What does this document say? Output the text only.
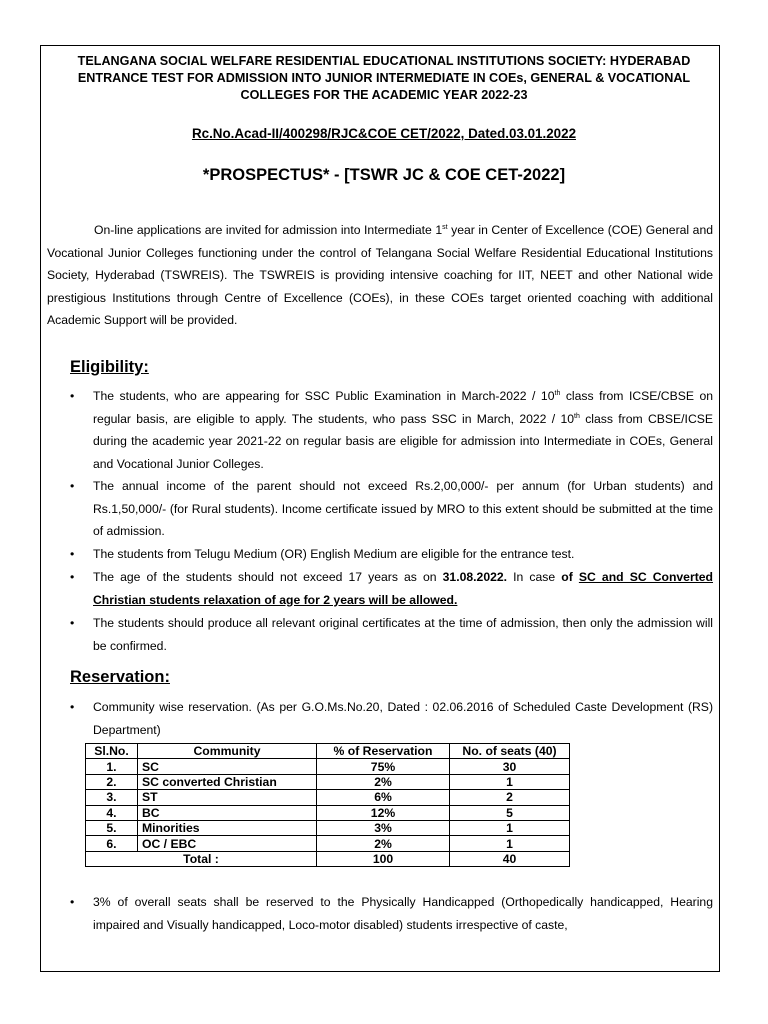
TELANGANA SOCIAL WELFARE RESIDENTIAL EDUCATIONAL INSTITUTIONS SOCIETY: HYDERABAD
ENTRANCE TEST FOR ADMISSION INTO JUNIOR INTERMEDIATE IN COEs, GENERAL & VOCATIONAL
COLLEGES FOR THE ACADEMIC YEAR 2022-23
Rc.No.Acad-II/400298/RJC&COE CET/2022, Dated.03.01.2022
*PROSPECTUS* - [TSWR JC & COE CET-2022]
On-line applications are invited for admission into Intermediate 1st year in Center of Excellence (COE) General and Vocational Junior Colleges functioning under the control of Telangana Social Welfare Residential Educational Institutions Society, Hyderabad (TSWREIS). The TSWREIS is providing intensive coaching for IIT, NEET and other National wide prestigious Institutions through Centre of Excellence (COEs), in these COEs target oriented coaching with additional Academic Support will be provided.
Eligibility:
• The students, who are appearing for SSC Public Examination in March-2022 / 10th class from ICSE/CBSE on regular basis, are eligible to apply. The students, who pass SSC in March, 2022 / 10th class from CBSE/ICSE during the academic year 2021-22 on regular basis are eligible for admission into Intermediate in COEs, General and Vocational Junior Colleges.
• The annual income of the parent should not exceed Rs.2,00,000/- per annum (for Urban students) and Rs.1,50,000/- (for Rural students). Income certificate issued by MRO to this extent should be submitted at the time of admission.
• The students from Telugu Medium (OR) English Medium are eligible for the entrance test.
• The age of the students should not exceed 17 years as on 31.08.2022. In case of SC and SC Converted Christian students relaxation of age for 2 years will be allowed.
• The students should produce all relevant original certificates at the time of admission, then only the admission will be confirmed.
Reservation:
• Community wise reservation. (As per G.O.Ms.No.20, Dated : 02.06.2016 of Scheduled Caste Development (RS) Department)
Sl.No.	Community	% of Reservation	No. of seats (40)
1.	SC	75%	30
2.	SC converted Christian	2%	1
3.	ST	6%	2
4.	BC	12%	5
5.	Minorities	3%	1
6.	OC / EBC	2%	1
Total :		100	40
• 3% of overall seats shall be reserved to the Physically Handicapped (Orthopedically handicapped, Hearing impaired and Visually handicapped, Loco-motor disabled) students irrespective of caste,
